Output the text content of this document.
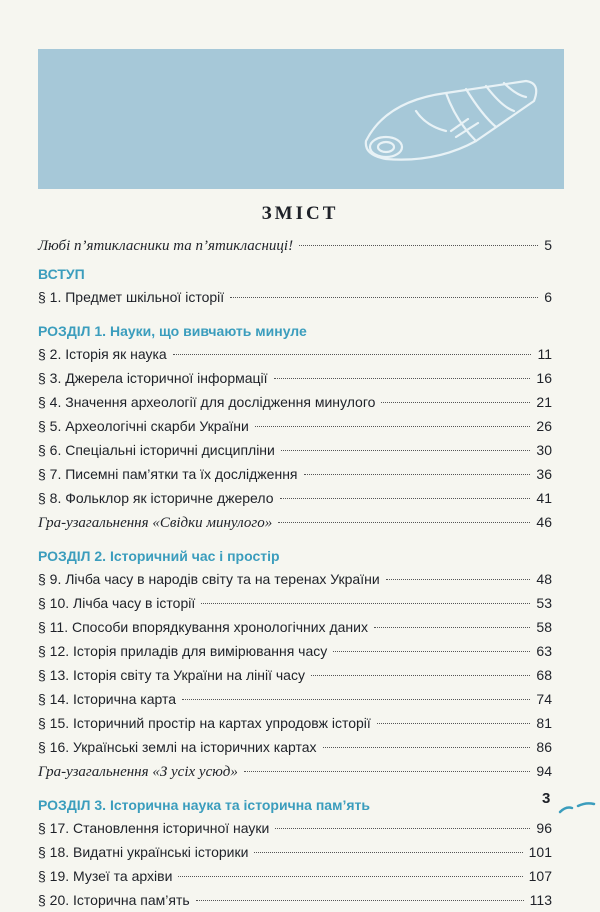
ЗМІСТ
Любі п’ятикласники та п’ятикласниці!	5
ВСТУП
§ 1. Предмет шкільної історії	6
РОЗДІЛ 1. Науки, що вивчають минуле
§ 2. Історія як наука	11
§ 3. Джерела історичної інформації	16
§ 4. Значення археології для дослідження минулого	21
§ 5. Археологічні скарби України	26
§ 6. Спеціальні історичні дисципліни	30
§ 7. Писемні пам’ятки та їх дослідження	36
§ 8. Фольклор як історичне джерело	41
Гра-узагальнення «Свідки минулого»	46
РОЗДІЛ 2. Історичний час і простір
§ 9. Лічба часу в народів світу та на теренах України	48
§ 10. Лічба часу в історії	53
§ 11. Способи впорядкування хронологічних даних	58
§ 12. Історія приладів для вимірювання часу	63
§ 13. Історія світу та України на лінії часу	68
§ 14. Історична карта	74
§ 15. Історичний простір на картах упродовж історії	81
§ 16. Українські землі на історичних картах	86
Гра-узагальнення «З усіх усюд»	94
РОЗДІЛ 3. Історична наука та історична пам’ять
§ 17. Становлення історичної науки	96
§ 18. Видатні українські історики	101
§ 19. Музеї та архіви	107
§ 20. Історична пам’ять	113
3
